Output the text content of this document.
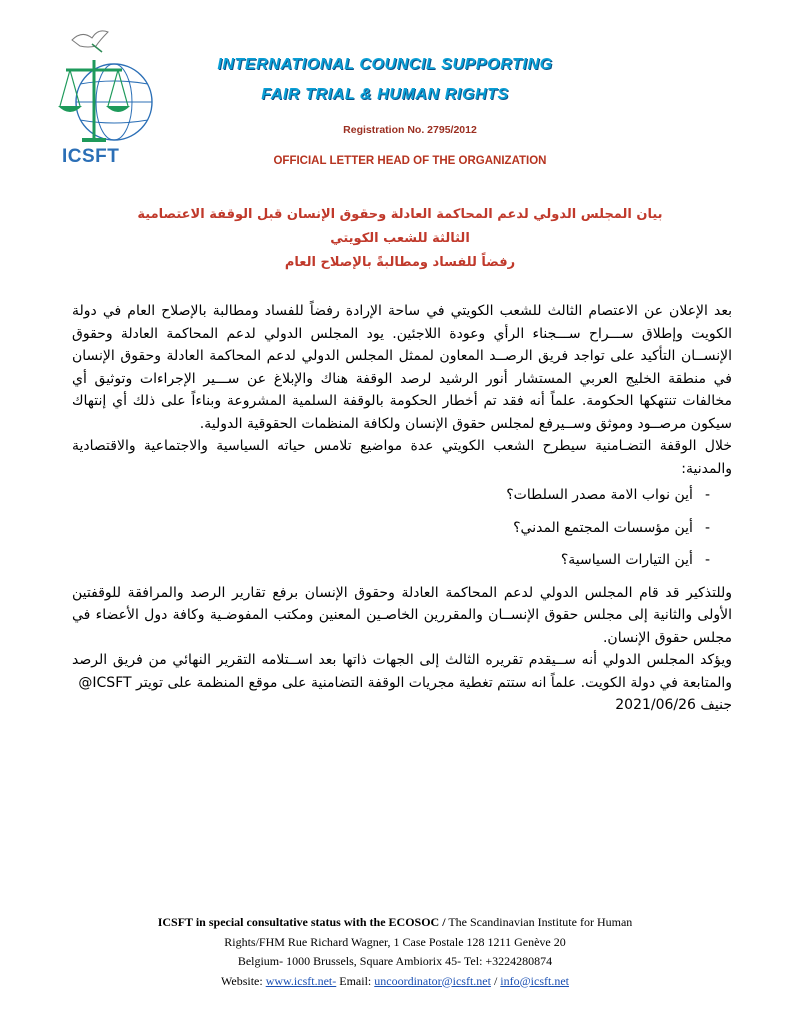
ICSFT
INTERNATIONAL COUNCIL SUPPORTING
FAIR TRIAL & HUMAN RIGHTS
Registration No. 2795/2012
OFFICIAL LETTER HEAD OF THE ORGANIZATION
بيان المجلس الدولي لدعم المحاكمة العادلة وحقوق الإنسان قبل الوقفة الاعتصامية الثالثة للشعب الكويتي
رفضاً للفساد ومطالبةً بالإصلاح العام

بعد الإعلان عن الاعتصام الثالث للشعب الكويتي في ساحة الإرادة رفضاً للفساد ومطالبة بالإصلاح العام في دولة الكويت وإطلاق ســـراح ســـجناء الرأي وعودة اللاجئين. يود المجلس الدولي لدعم المحاكمة العادلة وحقوق الإنســان التأكيد على تواجد فريق الرصــد المعاون لممثل المجلس الدولي لدعم المحاكمة العادلة وحقوق الإنسان في منطقة الخليج العربي المستشار أنور الرشيد لرصد الوقفة هناك والإبلاغ عن ســـير الإجراءات وتوثيق أي مخالفات تنتهكها الحكومة. علماً أنه فقد تم أخطار الحكومة بالوقفة السلمية المشروعة وبناءاً على ذلك أي إنتهاك سيكون مرصــود وموثق وســيرفع لمجلس حقوق الإنسان ولكافة المنظمات الحقوقية الدولية.

خلال الوقفة التضـامنية سيطرح الشعب الكويتي عدة مواضيع تلامس حياته السياسية والاجتماعية والاقتصادية والمدنية:

- أين نواب الامة مصدر السلطات؟
- أين مؤسسات المجتمع المدني؟
- أين التيارات السياسية؟

وللتذكير قد قام المجلس الدولي لدعم المحاكمة العادلة وحقوق الإنسان برفع تقارير الرصد والمرافقة للوقفتين الأولى والثانية إلى مجلس حقوق الإنســان والمقررين الخاصـين المعنين ومكتب المفوضـية وكافة دول الأعضاء في مجلس حقوق الإنسان.

ويؤكد المجلس الدولي أنه ســيقدم تقريره الثالث إلى الجهات ذاتها بعد اســتلامه التقرير النهائي من فريق الرصد والمتابعة في دولة الكويت. علماً انه ستتم تغطية مجريات الوقفة التضامنية على موقع المنظمة على تويتر @ICSFT

جنيف 2021/06/26

ICSFT in special consultative status with the ECOSOC / The Scandinavian Institute for Human
Rights/FHM Rue Richard Wagner, 1 Case Postale 128 1211 Genève 20
Belgium- 1000 Brussels, Square Ambiorix 45- Tel: +3224280874
Website: www.icsft.net- Email: uncoordinator@icsft.net / info@icsft.net
